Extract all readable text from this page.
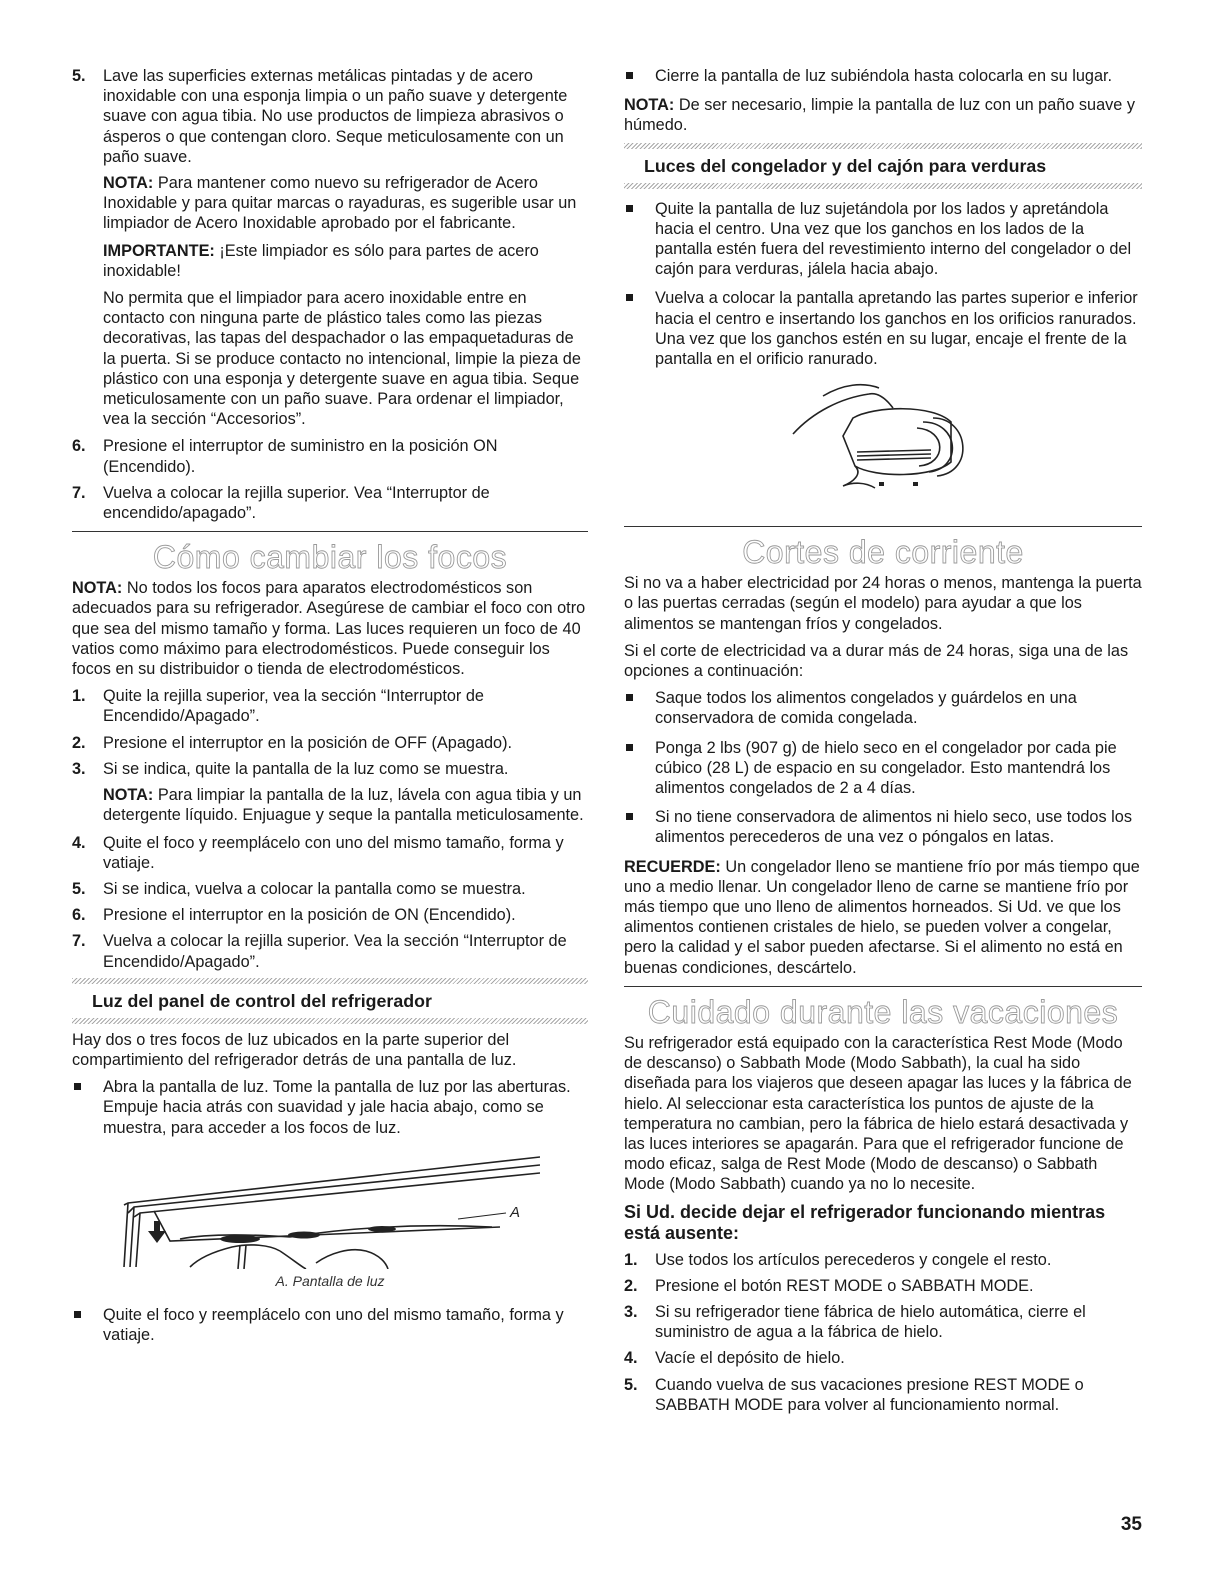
5. Lave las superficies externas metálicas pintadas y de acero inoxidable con una esponja limpia o un paño suave y detergente suave con agua tibia. No use productos de limpieza abrasivos o ásperos o que contengan cloro. Seque meticulosamente con un paño suave.

NOTA: Para mantener como nuevo su refrigerador de Acero Inoxidable y para quitar marcas o rayaduras, es sugerible usar un limpiador de Acero Inoxidable aprobado por el fabricante.

IMPORTANTE: ¡Este limpiador es sólo para partes de acero inoxidable!

No permita que el limpiador para acero inoxidable entre en contacto con ninguna parte de plástico tales como las piezas decorativas, las tapas del despachador o las empaquetaduras de la puerta. Si se produce contacto no intencional, limpie la pieza de plástico con una esponja y detergente suave en agua tibia. Seque meticulosamente con un paño suave. Para ordenar el limpiador, vea la sección “Accesorios”.

6. Presione el interruptor de suministro en la posición ON (Encendido).
7. Vuelva a colocar la rejilla superior. Vea “Interruptor de encendido/apagado”.
Cómo cambiar los focos

NOTA: No todos los focos para aparatos electrodomésticos son adecuados para su refrigerador. Asegúrese de cambiar el foco con otro que sea del mismo tamaño y forma. Las luces requieren un foco de 40 vatios como máximo para electrodomésticos. Puede conseguir los focos en su distribuidor o tienda de electrodomésticos.

1. Quite la rejilla superior, vea la sección “Interruptor de Encendido/Apagado”.
2. Presione el interruptor en la posición de OFF (Apagado).
3. Si se indica, quite la pantalla de la luz como se muestra.

NOTA: Para limpiar la pantalla de la luz, lávela con agua tibia y un detergente líquido. Enjuague y seque la pantalla meticulosamente.

4. Quite el foco y reemplácelo con uno del mismo tamaño, forma y vatiaje.
5. Si se indica, vuelva a colocar la pantalla como se muestra.
6. Presione el interruptor en la posición de ON (Encendido).
7. Vuelva a colocar la rejilla superior. Vea la sección “Interruptor de Encendido/Apagado”.
Luz del panel de control del refrigerador

Hay dos o tres focos de luz ubicados en la parte superior del compartimiento del refrigerador detrás de una pantalla de luz.

Abra la pantalla de luz. Tome la pantalla de luz por las aberturas. Empuje hacia atrás con suavidad y jale hacia abajo, como se muestra, para acceder a los focos de luz.
A
A. Pantalla de luz
Quite el foco y reemplácelo con uno del mismo tamaño, forma y vatiaje.
Cierre la pantalla de luz subiéndola hasta colocarla en su lugar.

NOTA: De ser necesario, limpie la pantalla de luz con un paño suave y húmedo.

Luces del congelador y del cajón para verduras
Quite la pantalla de luz sujetándola por los lados y apretándola hacia el centro. Una vez que los ganchos en los lados de la pantalla estén fuera del revestimiento interno del congelador o del cajón para verduras, jálela hacia abajo.
Vuelva a colocar la pantalla apretando las partes superior e inferior hacia el centro e insertando los ganchos en los orificios ranurados. Una vez que los ganchos estén en su lugar, encaje el frente de la pantalla en el orificio ranurado.
Cortes de corriente

Si no va a haber electricidad por 24 horas o menos, mantenga la puerta o las puertas cerradas (según el modelo) para ayudar a que los alimentos se mantengan fríos y congelados.

Si el corte de electricidad va a durar más de 24 horas, siga una de las opciones a continuación:

Saque todos los alimentos congelados y guárdelos en una conservadora de comida congelada.
Ponga 2 lbs (907 g) de hielo seco en el congelador por cada pie cúbico (28 L) de espacio en su congelador. Esto mantendrá los alimentos congelados de 2 a 4 días.
Si no tiene conservadora de alimentos ni hielo seco, use todos los alimentos perecederos de una vez o póngalos en latas.

RECUERDE: Un congelador lleno se mantiene frío por más tiempo que uno a medio llenar. Un congelador lleno de carne se mantiene frío por más tiempo que uno lleno de alimentos horneados. Si Ud. ve que los alimentos contienen cristales de hielo, se pueden volver a congelar, pero la calidad y el sabor pueden afectarse. Si el alimento no está en buenas condiciones, descártelo.

Cuidado durante las vacaciones

Su refrigerador está equipado con la característica Rest Mode (Modo de descanso) o Sabbath Mode (Modo Sabbath), la cual ha sido diseñada para los viajeros que deseen apagar las luces y la fábrica de hielo. Al seleccionar esta característica los puntos de ajuste de la temperatura no cambian, pero la fábrica de hielo estará desactivada y las luces interiores se apagarán. Para que el refrigerador funcione de modo eficaz, salga de Rest Mode (Modo de descanso) o Sabbath Mode (Modo Sabbath) cuando ya no lo necesite.

Si Ud. decide dejar el refrigerador funcionando mientras está ausente:
1. Use todos los artículos perecederos y congele el resto.
2. Presione el botón REST MODE o SABBATH MODE.
3. Si su refrigerador tiene fábrica de hielo automática, cierre el suministro de agua a la fábrica de hielo.
4. Vacíe el depósito de hielo.
5. Cuando vuelva de sus vacaciones presione REST MODE o SABBATH MODE para volver al funcionamiento normal.
35
